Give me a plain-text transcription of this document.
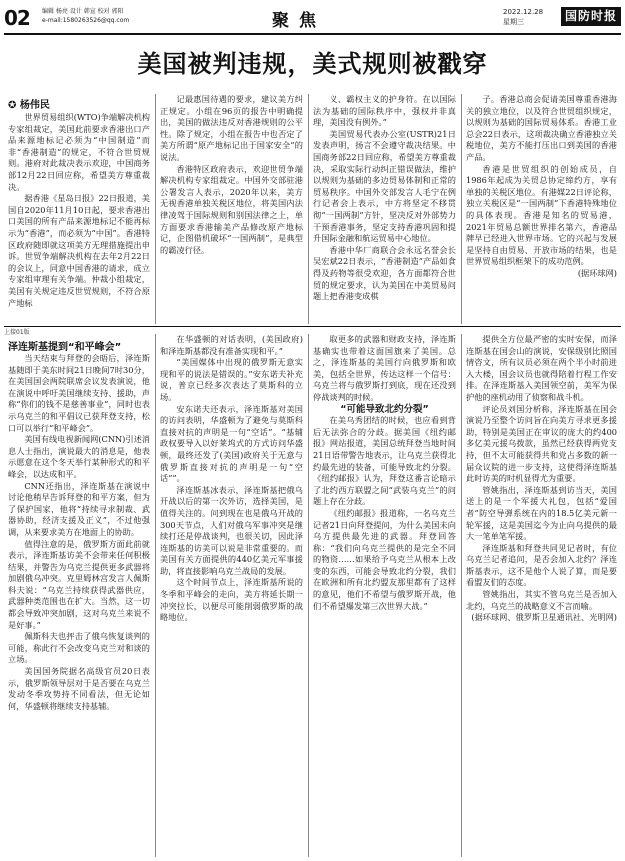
02 编辑 杨亮 设计 韩宣 校对 郭阳
e-mail:1580263526@qq.com	聚焦	2022.12.28
星期三	国防时报
美国被判违规，美式规则被戳穿
✪ 杨伟民

世界贸易组织(WTO)争端解决机构专家组裁定，美国此前要求香港出口产品来源地标记必须为“中国制造”而非“香港制造”的规定，不符合世贸规则。港府对此裁决表示欢迎，中国商务部12月22日回应称，希望美方尊重裁决。

据香港《星岛日报》22日报道，美国自2020年11月10日起，要求香港出口美国的所有产品来源地标记不能再标示为“香港”，而必须为“中国”。香港特区政府随即就这项美方无理措施提出申诉。世贸争端解决机构在去年2月22日的会议上，同意中国香港的请求，成立专家组审理有关争端。仲裁小组裁定，美国有关规定违反世贸规则，不符合原产地标

记最惠国待遇的要求，建议美方纠正规定。小组在96页的报告中明确提出，美国的做法违反对香港规则的公平性。除了规定，小组在报告中也否定了美方所谓“原产地标记出于国家安全”的说法。

香港特区政府表示，欢迎世贸争端解决机构专家组裁定。中国外交部驻港公署发言人表示，2020年以来，美方无视香港单独关税区地位，将美国内法律凌驾于国际规则和别国法律之上，单方面要求香港输美产品修改原产地标记，企图借机破坏“一国两制”，是典型的霸凌行径。

义、霸权主义的护身符。在以国际法为基础的国际秩序中，强权并非真理，美国没有例外。”

美国贸易代表办公室(USTR)21日发表声明，扬言不会遵守裁决结果。中国商务部22日回应称，希望美方尊重裁决，采取实际行动纠正错误做法，维护以规则为基础的多边贸易体制和正常的贸易秩序。中国外交部发言人毛宁在例行记者会上表示，中方将坚定不移贯彻“一国两制”方针，坚决反对外部势力干预香港事务，坚定支持香港巩固和提升国际金融和航运贸易中心地位。

香港中华厂商联合会永远名誉会长吴宏斌22日表示，“香港制造”产品如食得及药物等很受欢迎，各方面都符合世贸的规定要求，认为美国在中美贸易问题上把香港变成棋

子。香港总商会促请美国尊重香港海关的独立地位，以及符合世贸组织规定，以规则为基础的国际贸易体系。香港工业总会22日表示，这项裁决确立香港独立关税地位，美方不能打压出口到美国的香港产品。

香港是世贸组织的创始成员，自1986年起成为关贸总协定缔约方，享有单独的关税区地位。有港媒22日评论称，独立关税区是“一国两制”下香港特殊地位的具体表现。香港是知名的贸易港，2021年贸易总额世界排名第六，香港品牌早已经进入世界市场。它的兴起与发展是坚持自由贸易、开放市场的结果，也是世界贸易组织框架下的成功范例。

(据环球网)

上接01版
泽连斯基提到“和平峰会”

当天结束与拜登的会晤后，泽连斯基随即于美东时间21日晚间7时30分，在美国国会两院联席会议发表演说，他在演说中呼吁美国继续支持、援助，声称“你们的钱不是慈善事业”，同时也表示乌克兰的和平倡议已获拜登支持，松口可以举行“和平峰会”。

美国有线电视新闻网(CNN)引述消息人士指出，演说最大的消息是，他表示愿意在这个冬天举行某种形式的和平峰会，以达成和平。

CNN还指出，泽连斯基在演说中讨论他稍早告诉拜登的和平方案，但为了保护国家，他将“持续寻求制裁、武器协助，经济支援及正义”，不过他强调，从来要求美方在地面上的协助。

值得注意的是，俄罗斯方面此前就表示，泽连斯基访美不会带来任何积极结果，并警告为乌克兰提供更多武器将加剧俄乌冲突。克里姆林宫发言人佩斯科夫说：“乌克兰持续获得武器供应，武器种类范围也在扩大。当然，这一切都会导致冲突加剧，这对乌克兰来说不是好事。”

佩斯科夫也抨击了俄乌恢复谈判的可能，称此行不会改变乌克兰对和谈的立场。

美国国务院据名高级官员20日表示，俄罗斯领导层对于是否要在乌克兰发动冬季攻势持不同看法，但无论如何，华盛顿将继续支持基辅。

在华盛顿的对话表明，(美国政府)和泽连斯基都没有准备实现和平。”

“美国媒体中出现的俄罗斯无意实现和平的说法是错误的。”安东诺夫补充说，普京已经多次表达了莫斯科的立场。

安东诺夫还表示，泽连斯基对美国的访问表明，华盛顿为了避免与莫斯科直接对抗的声明是一句“空话”。“基辅政权要导入以好莱坞式的方式访问华盛顿，最终还发了(美国)政府关于无意与俄罗斯直接对抗的声明是一句“空话””。

泽连斯基冰表示，泽连斯基把俄乌开战以后的第一次外访，选择美国，是值得关注的。问到现在也是俄乌开战的300天节点，人们对俄乌军事冲突是继续打还是停战谈判，也很关切，因此泽连斯基的访美可以说是非常重要的。而美国有关方面提供的440亿美元军事援助，将直接影响乌克兰战局的发展。

这个时间节点上，泽连斯基所说的冬季和平峰会的走向，美方将延长期一冲突拉长，以便尽可能削弱俄罗斯的战略地位。

取更多的武器和财政支持，泽连斯基确实也带着这面国旗来了美国。总之，泽连斯基的美国行向俄罗斯和欧美，包括全世界，传达这样一个信号：乌克兰将与俄罗斯打到底，现在还没到停战谈判的时候。

“可能导致北约分裂”

在美乌秀团结的时候，也应看到背后无法弥合的分歧。据美国《纽约邮报》网站报道，美国总统拜登当地时间21日语带警告地表示，让乌克兰获得北约最先进的装备，可能导致北约分裂。《纽约邮报》认为，拜登这番言论暗示了北约西方联盟之间“武装乌克兰”的问题上存在分歧。

《纽约邮报》报道称，一名乌克兰记者21日向拜登提问，为什么美国未向乌方提供最先进的武器。拜登回答称：“我们向乌克兰提供的是完全不同的物资……如果给予乌克兰从根本上改变的东西，可能会导致北约分裂，我们在欧洲和所有北约盟友那里都有了这样的意见，他们不希望与俄罗斯开战，他们不希望爆发第三次世界大战。”

提供全方位最严密的实时安保，而泽连斯基在国会山的演说，安保级别比照国情咨文，所有议员必须在两个半小时前进入大楼，国会议员也就得陪着行程工作安排。在泽连斯基入美国领空前，美军为保护他的座机动用了侦察和战斗机。

评论员刘国分析称，泽连斯基在国会演说乃至整个访问旨在向美方寻求更多援助，特别是美国正在审议的庞大的约400多亿美元援乌拨款，虽然已经获得两党支持，但不太可能获得共和党占多数的新一届众议院的进一步支持，这使得泽连斯基此时访美的时机显得尤为重要。

管姚指出，泽连斯基到访当天，美国送上的是一个军援大礼包，包括“爱国者”防空导弹系统在内的18.5亿美元新一轮军援，这是美国迄今为止向乌提供的最大一笔单笔军援。

泽连斯基和拜登共同见记者时，有位乌克兰记者追问，是否会加入北约？泽连斯基表示，这不是他个人说了算，而是要看盟友们的态度。

管姚指出，其实不管乌克兰是否加入北约，乌克兰的战略意义不言而喻。

(据环球网、俄罗斯卫星通讯社、光明网)
